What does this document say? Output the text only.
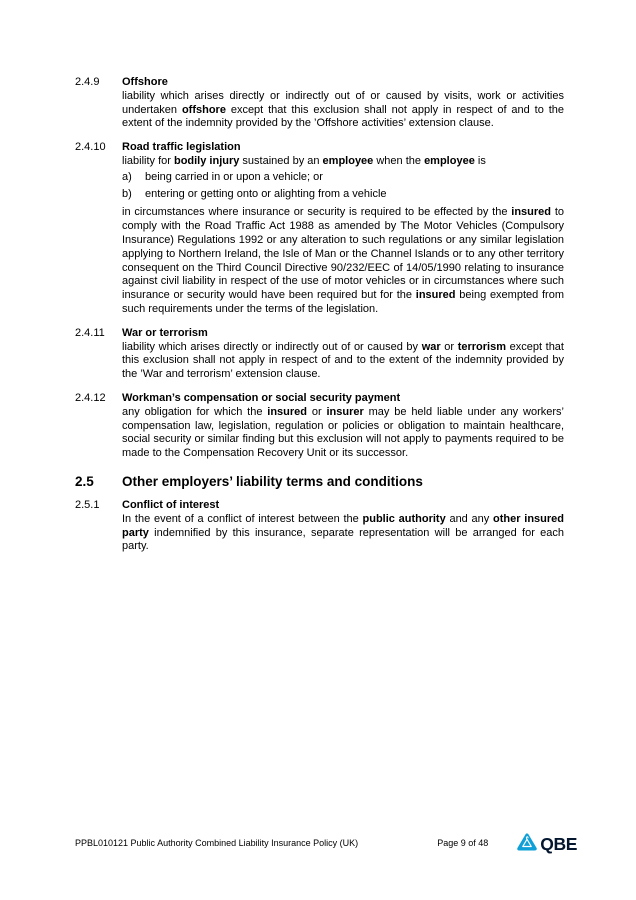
2.4.9	Offshore
liability which arises directly or indirectly out of or caused by visits, work or activities undertaken offshore except that this exclusion shall not apply in respect of and to the extent of the indemnity provided by the ’Offshore activities’ extension clause.
2.4.10	Road traffic legislation
liability for bodily injury sustained by an employee when the employee is
a)	being carried in or upon a vehicle; or
b)	entering or getting onto or alighting from a vehicle
in circumstances where insurance or security is required to be effected by the insured to comply with the Road Traffic Act 1988 as amended by The Motor Vehicles (Compulsory Insurance) Regulations 1992 or any alteration to such regulations or any similar legislation applying to Northern Ireland, the Isle of Man or the Channel Islands or to any other territory consequent on the Third Council Directive 90/232/EEC of 14/05/1990 relating to insurance against civil liability in respect of the use of motor vehicles or in circumstances where such insurance or security would have been required but for the insured being exempted from such requirements under the terms of the legislation.
2.4.11	War or terrorism
liability which arises directly or indirectly out of or caused by war or terrorism except that this exclusion shall not apply in respect of and to the extent of the indemnity provided by the ’War and terrorism’ extension clause.
2.4.12	Workman’s compensation or social security payment
any obligation for which the insured or insurer may be held liable under any workers’ compensation law, legislation, regulation or policies or obligation to maintain healthcare, social security or similar finding but this exclusion will not apply to payments required to be made to the Compensation Recovery Unit or its successor.
2.5	Other employers’ liability terms and conditions
2.5.1	Conflict of interest
In the event of a conflict of interest between the public authority and any other insured party indemnified by this insurance, separate representation will be arranged for each party.
PPBL010121 Public Authority Combined Liability Insurance Policy (UK)	Page 9 of 48	QBE
